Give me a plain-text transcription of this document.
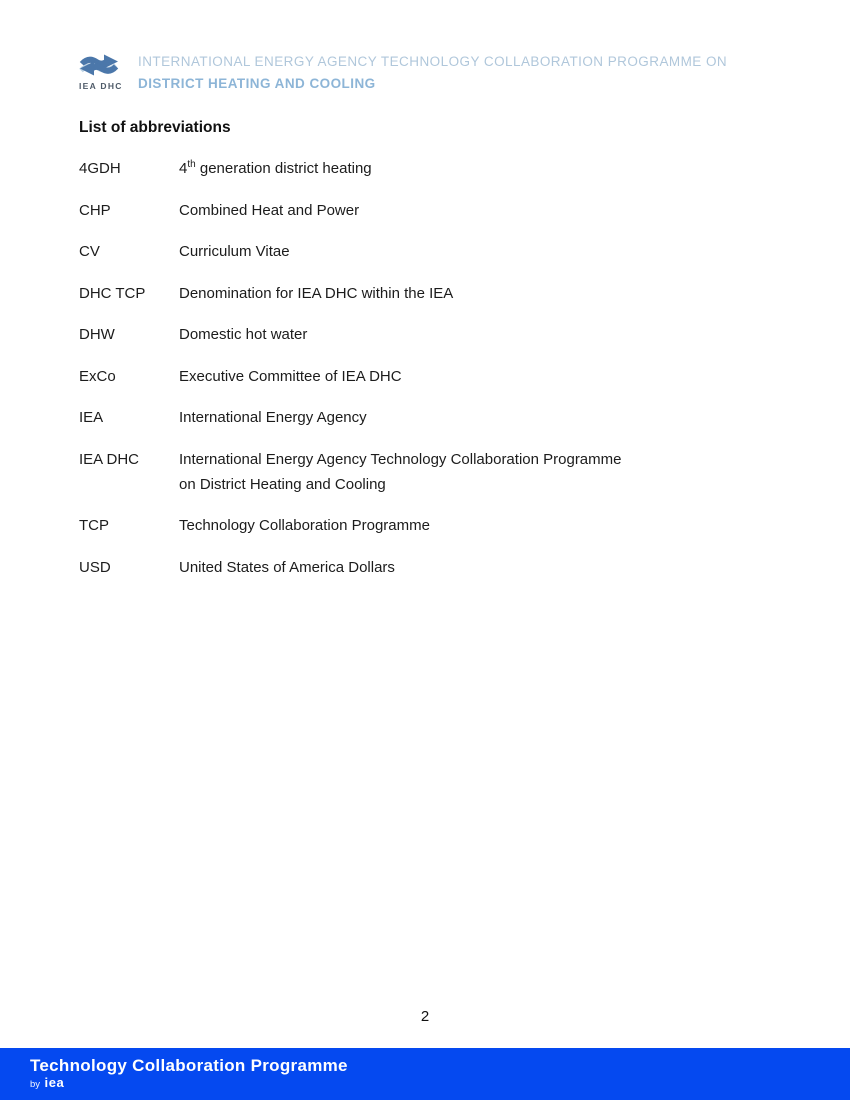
IEA DHC
INTERNATIONAL ENERGY AGENCY TECHNOLOGY COLLABORATION PROGRAMME ON
DISTRICT HEATING AND COOLING
List of abbreviations
4GDH	4th generation district heating
CHP	Combined Heat and Power
CV	Curriculum Vitae
DHC TCP	Denomination for IEA DHC within the IEA
DHW	Domestic hot water
ExCo	Executive Committee of IEA DHC
IEA	International Energy Agency
IEA DHC	International Energy Agency Technology Collaboration Programme
on District Heating and Cooling
TCP	Technology Collaboration Programme
USD	United States of America Dollars
2
Technology Collaboration Programme
by iea
